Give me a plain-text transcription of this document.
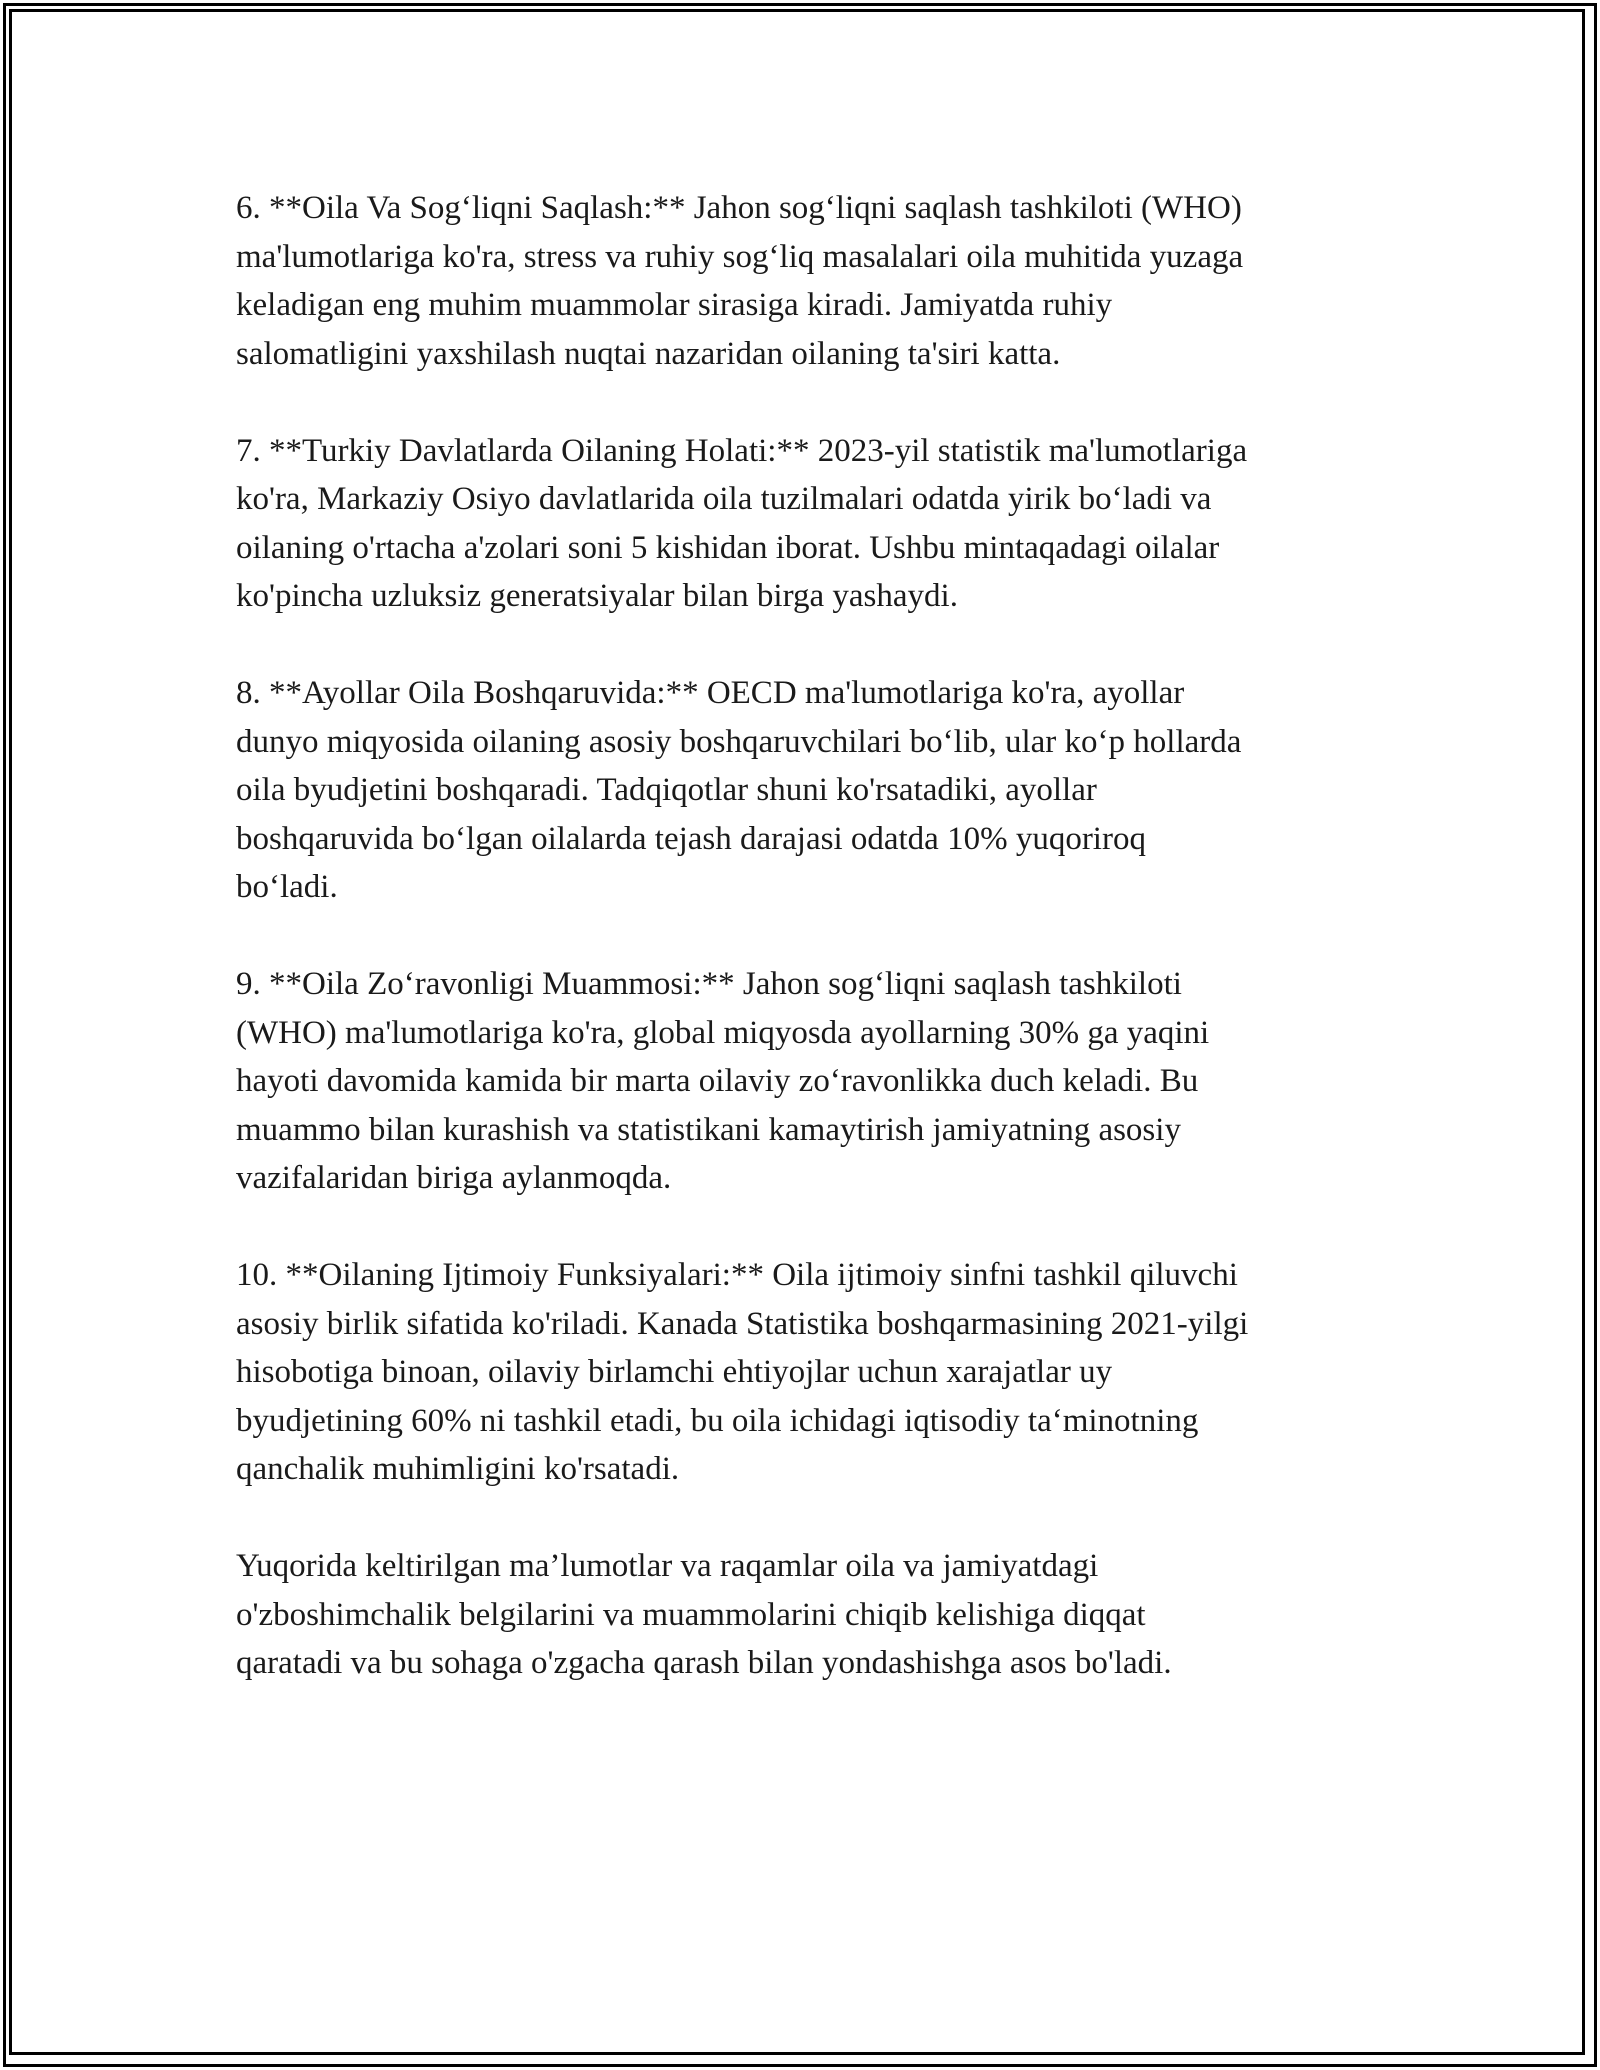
6. **Oila Va Sog‘liqni Saqlash:** Jahon sog‘liqni saqlash tashkiloti (WHO)
ma'lumotlariga ko'ra, stress va ruhiy sog‘liq masalalari oila muhitida yuzaga
keladigan eng muhim muammolar sirasiga kiradi. Jamiyatda ruhiy
salomatligini yaxshilash nuqtai nazaridan oilaning ta'siri katta.

7. **Turkiy Davlatlarda Oilaning Holati:** 2023-yil statistik ma'lumotlariga
ko'ra, Markaziy Osiyo davlatlarida oila tuzilmalari odatda yirik bo‘ladi va
oilaning o'rtacha a'zolari soni 5 kishidan iborat. Ushbu mintaqadagi oilalar
ko'pincha uzluksiz generatsiyalar bilan birga yashaydi.

8. **Ayollar Oila Boshqaruvida:** OECD ma'lumotlariga ko'ra, ayollar
dunyo miqyosida oilaning asosiy boshqaruvchilari bo‘lib, ular ko‘p hollarda
oila byudjetini boshqaradi. Tadqiqotlar shuni ko'rsatadiki, ayollar
boshqaruvida bo‘lgan oilalarda tejash darajasi odatda 10% yuqoriroq
bo‘ladi.

9. **Oila Zo‘ravonligi Muammosi:** Jahon sog‘liqni saqlash tashkiloti
(WHO) ma'lumotlariga ko'ra, global miqyosda ayollarning 30% ga yaqini
hayoti davomida kamida bir marta oilaviy zo‘ravonlikka duch keladi. Bu
muammo bilan kurashish va statistikani kamaytirish jamiyatning asosiy
vazifalaridan biriga aylanmoqda.

10. **Oilaning Ijtimoiy Funksiyalari:** Oila ijtimoiy sinfni tashkil qiluvchi
asosiy birlik sifatida ko'riladi. Kanada Statistika boshqarmasining 2021-yilgi
hisobotiga binoan, oilaviy birlamchi ehtiyojlar uchun xarajatlar uy
byudjetining 60% ni tashkil etadi, bu oila ichidagi iqtisodiy ta‘minotning
qanchalik muhimligini ko'rsatadi.

Yuqorida keltirilgan ma’lumotlar va raqamlar oila va jamiyatdagi
o'zboshimchalik belgilarini va muammolarini chiqib kelishiga diqqat
qaratadi va bu sohaga o'zgacha qarash bilan yondashishga asos bo'ladi.
